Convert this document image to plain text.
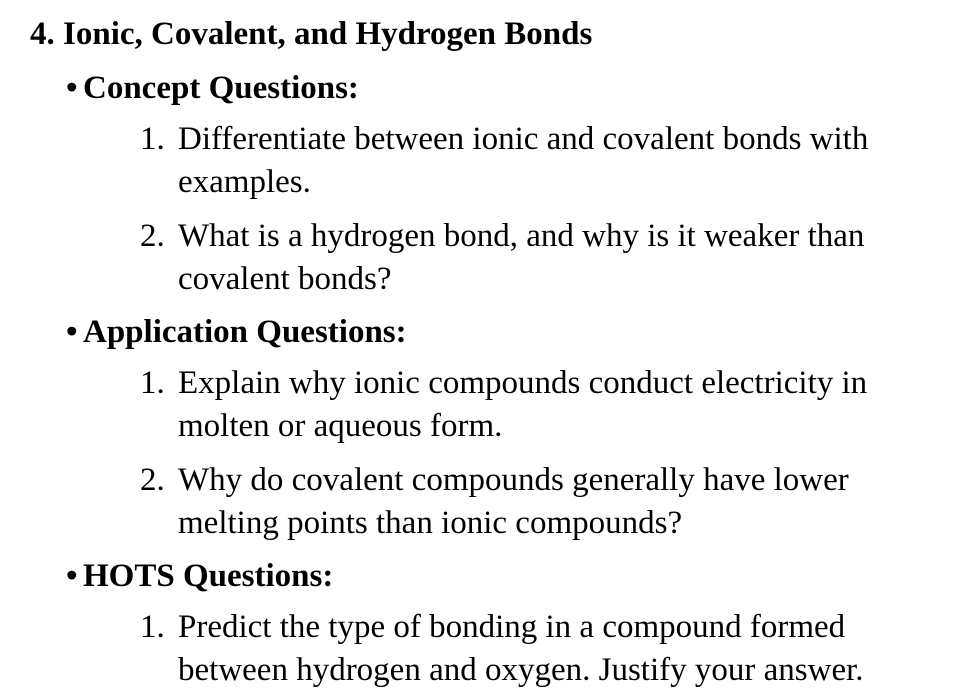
4. Ionic, Covalent, and Hydrogen Bonds
• Concept Questions:
1. Differentiate between ionic and covalent bonds with examples.
2. What is a hydrogen bond, and why is it weaker than covalent bonds?
• Application Questions:
1. Explain why ionic compounds conduct electricity in molten or aqueous form.
2. Why do covalent compounds generally have lower melting points than ionic compounds?
• HOTS Questions:
1. Predict the type of bonding in a compound formed between hydrogen and oxygen. Justify your answer.
